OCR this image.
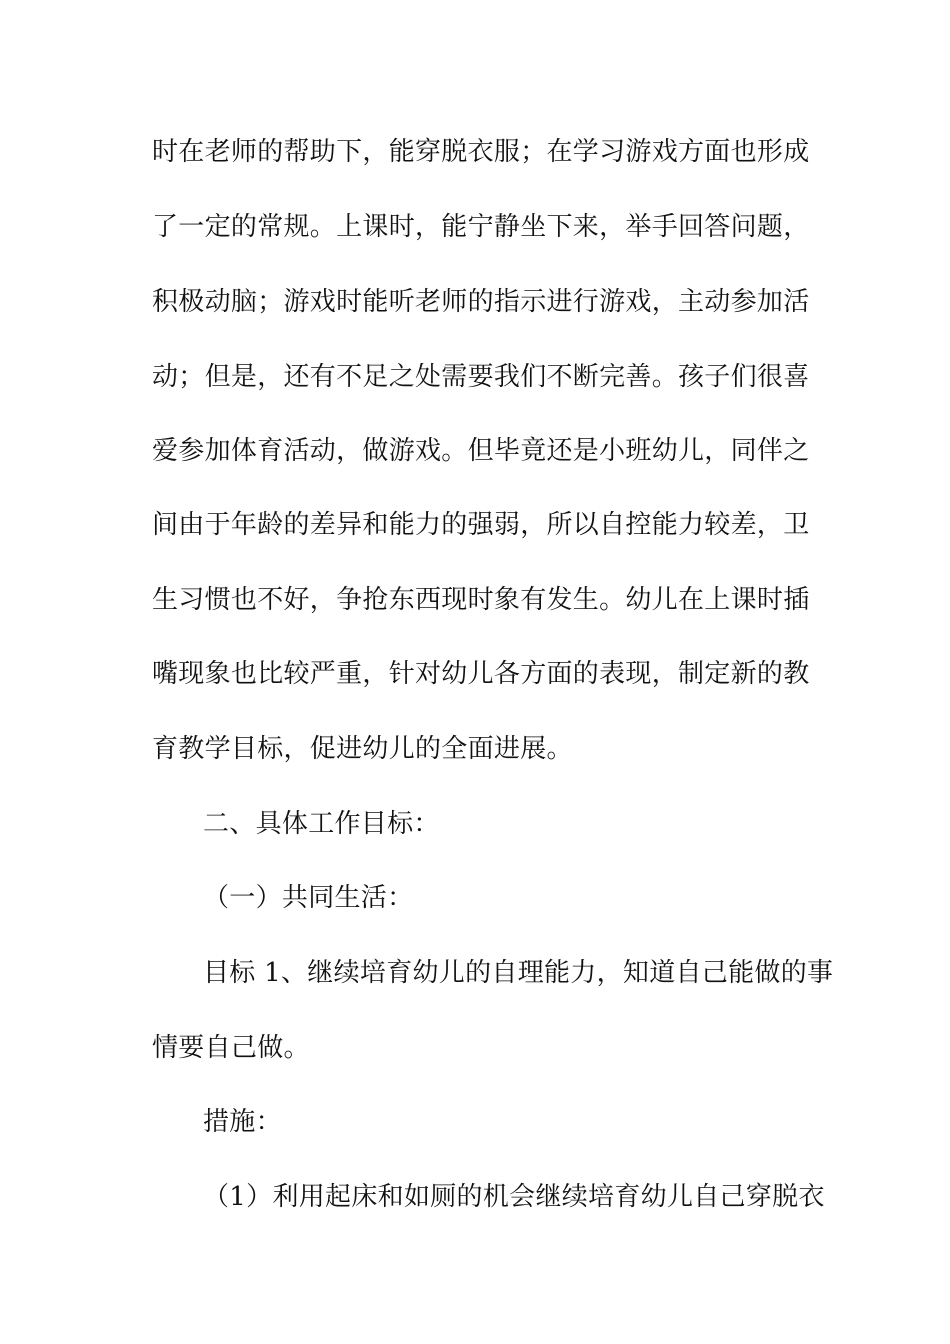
时在老师的帮助下，能穿脱衣服；在学习游戏方面也形成
了一定的常规。上课时，能宁静坐下来，举手回答问题，
积极动脑；游戏时能听老师的指示进行游戏，主动参加活
动；但是，还有不足之处需要我们不断完善。孩子们很喜
爱参加体育活动，做游戏。但毕竟还是小班幼儿，同伴之
间由于年龄的差异和能力的强弱，所以自控能力较差，卫
生习惯也不好，争抢东西现时象有发生。幼儿在上课时插
嘴现象也比较严重，针对幼儿各方面的表现，制定新的教
育教学目标，促进幼儿的全面进展。
二、具体工作目标：
（一）共同生活：
目标 1、继续培育幼儿的自理能力，知道自己能做的事
情要自己做。
措施：
（1）利用起床和如厕的机会继续培育幼儿自己穿脱衣
